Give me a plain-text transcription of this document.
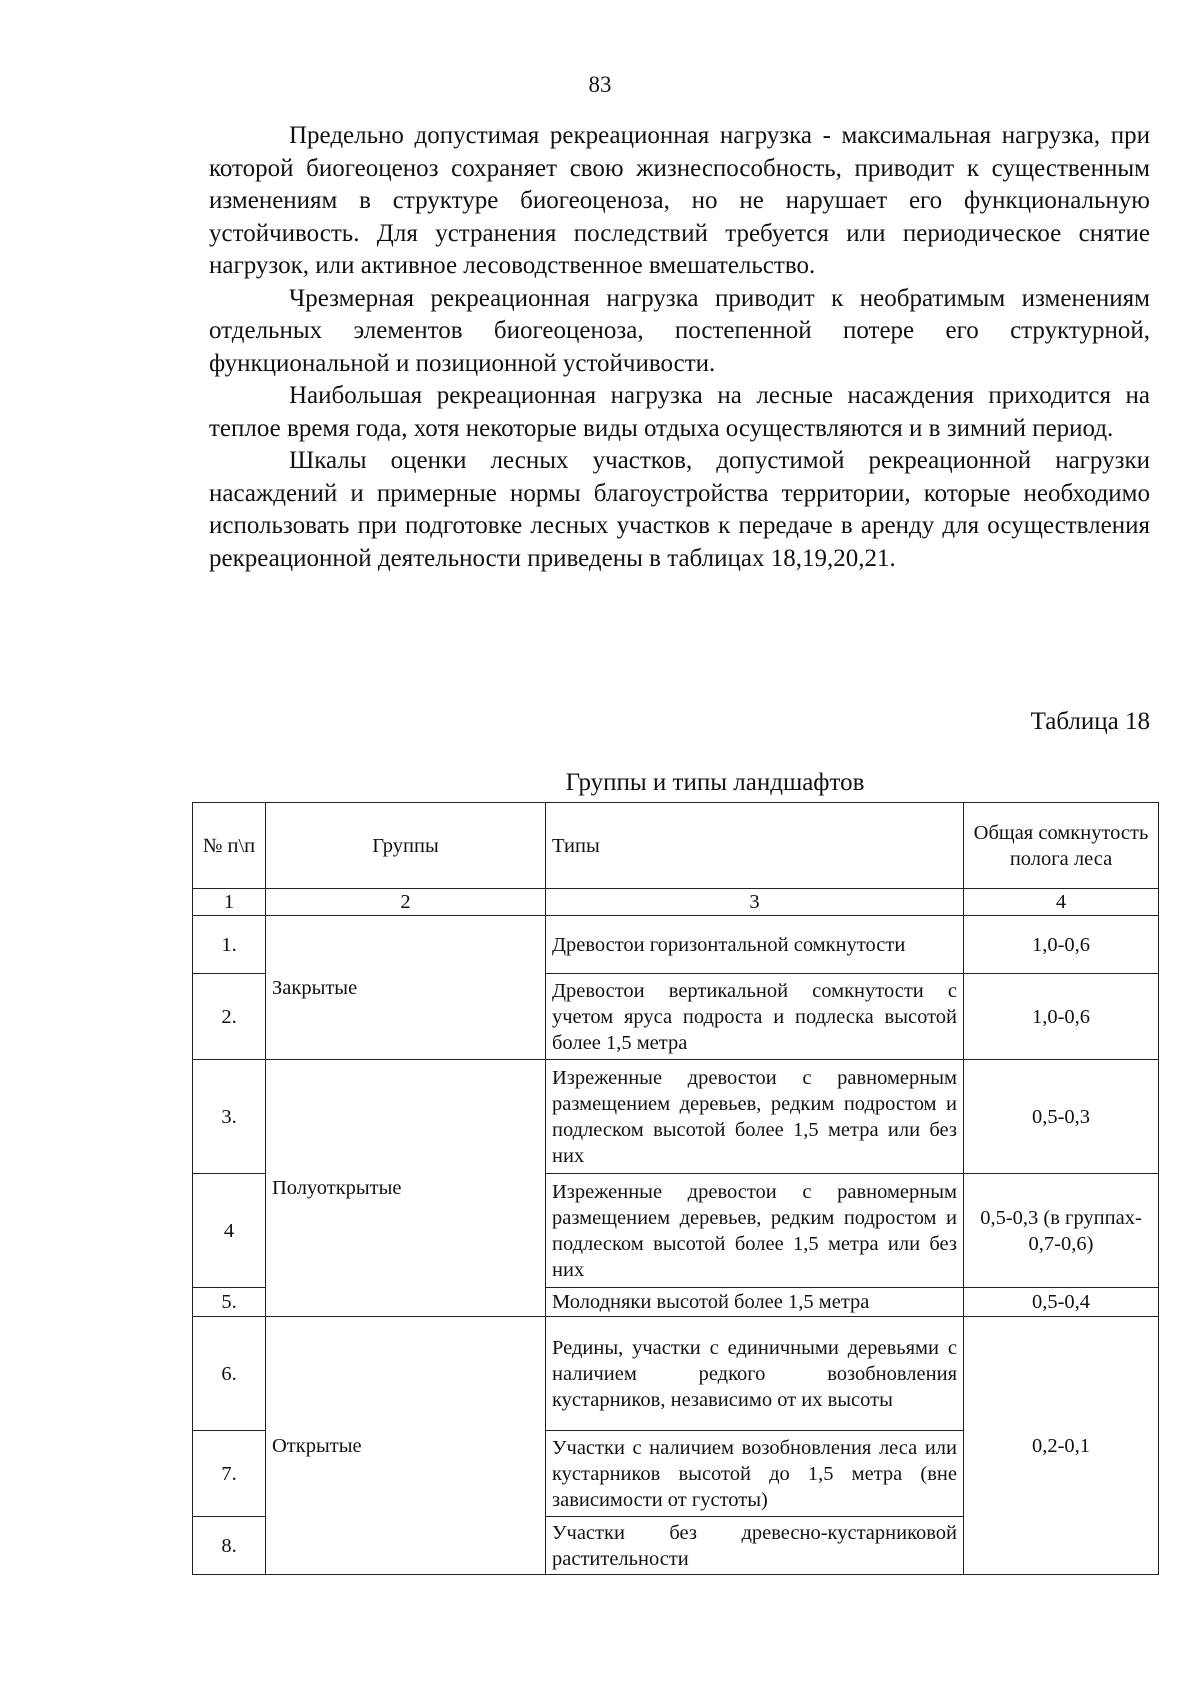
83

Предельно допустимая рекреационная нагрузка - максимальная нагрузка, при которой биогеоценоз сохраняет свою жизнеспособность, приводит к существенным изменениям в структуре биогеоценоза, но не нарушает его функциональную устойчивость. Для устранения последствий требуется или периодическое снятие нагрузок, или активное лесоводственное вмешательство.

Чрезмерная рекреационная нагрузка приводит к необратимым изменениям отдельных элементов биогеоценоза, постепенной потере его структурной, функциональной и позиционной устойчивости.

Наибольшая рекреационная нагрузка на лесные насаждения приходится на теплое время года, хотя некоторые виды отдыха осуществляются и в зимний период.

Шкалы оценки лесных участков, допустимой рекреационной нагрузки насаждений и примерные нормы благоустройства территории, которые необходимо использовать при подготовке лесных участков к передаче в аренду для осуществления рекреационной деятельности приведены в таблицах 18,19,20,21.

Таблица 18
Группы и типы ландшафтов
№ п\п	Группы	Типы	Общая сомкнутость полога леса
1	2	3	4
1.	Закрытые	Древостои горизонтальной сомкнутости	1,0-0,6
2.		Древостои вертикальной сомкнутости с учетом яруса подроста и подлеска высотой более 1,5 метра	1,0-0,6
3.	Полуоткрытые	Изреженные древостои с равномерным размещением деревьев, редким подростом и подлеском высотой более 1,5 метра или без них	0,5-0,3
4		Изреженные древостои с равномерным размещением деревьев, редким подростом и подлеском высотой более 1,5 метра или без них	0,5-0,3 (в группах- 0,7-0,6)
5.		Молодняки высотой более 1,5 метра	0,5-0,4
6.	Открытые	Редины, участки с единичными деревьями с наличием редкого возобновления кустарников, независимо от их высоты	0,2-0,1
7.		Участки с наличием возобновления леса или кустарников высотой до 1,5 метра (вне зависимости от густоты)	
8.		Участки без древесно-кустарниковой растительности	
